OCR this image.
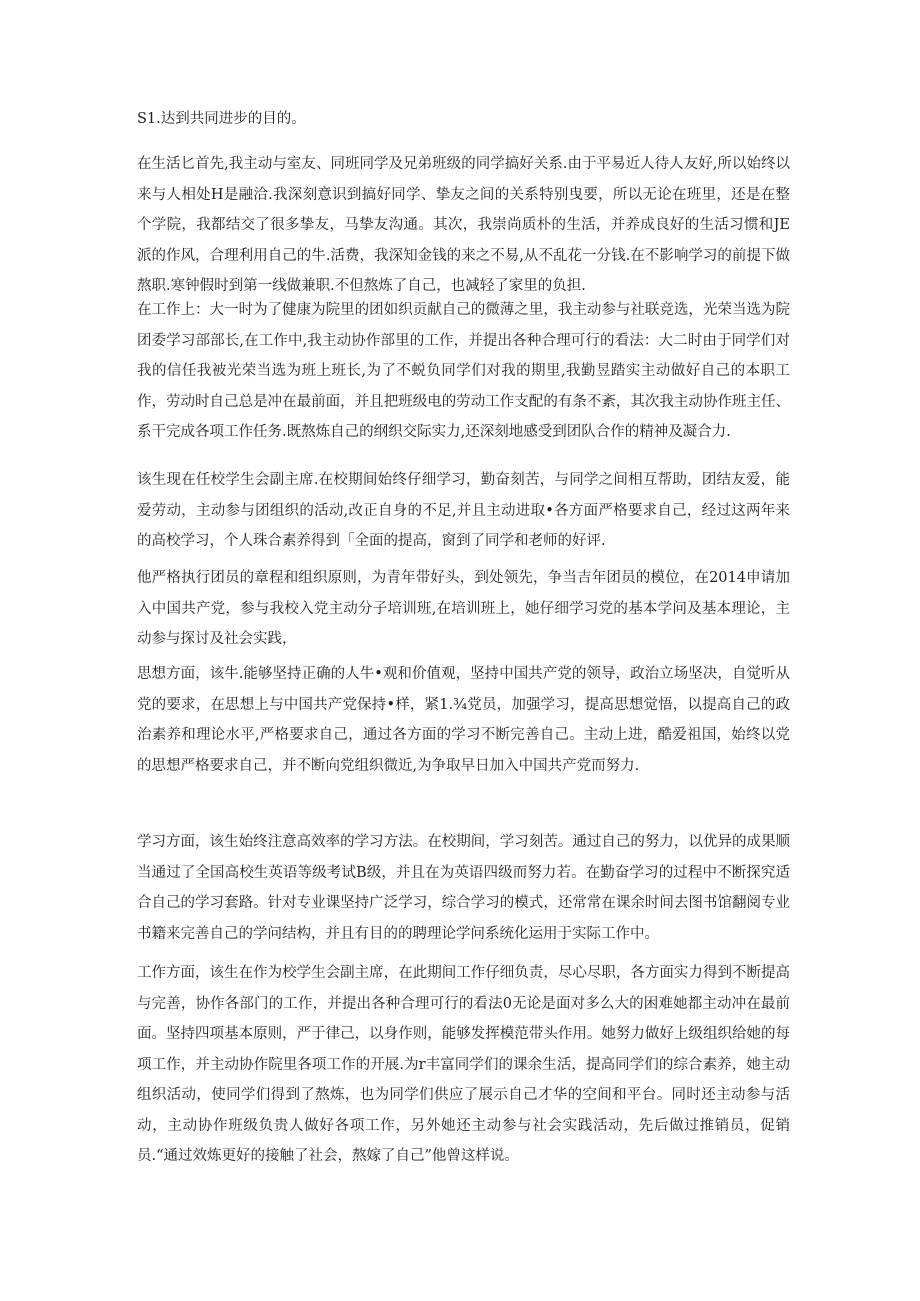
S1.达到共同进步的目的。

在生活匕首先,我主动与室友、同班同学及兄弟班级的同学搞好关系.由于平易近人待人友好,所以始终以来与人相处H是融洽.我深刻意识到搞好同学、挚友之间的关系特别曳要，所以无论在班里，还是在整个学院，我都结交了很多挚友，马挚友沟通。其次，我崇尚质朴的生活，并养成良好的生活习惯和JE派的作风，合理利用自己的牛.活费，我深知金钱的来之不易,从不乱花一分钱.在不影响学习的前提下做熬职.寒钟假时到第一线做兼职.不但熬炼了自己，也减轻了家里的负担.

在工作上：大一时为了健康为院里的团如织贡献自己的微薄之里，我主动参与社联竞选，光荣当选为院团委学习部部长,在工作中,我主动协作部里的工作，并提出各种合理可行的看法：大二时由于同学们对我的信任我被光荣当选为班上班长,为了不蜕负同学们对我的期里,我勤昱踏实主动做好自己的本职工作，劳动时自己总是冲在最前面，并且把班级电的劳动工作支配的有条不紊，其次我主动协作班主任、系干完成各项工作任务.既熬炼自己的纲织交际实力,还深刻地感受到团队合作的精神及凝合力.

该生现在任校学生会副主席.在校期间始终仔细学习，勤奋刻苦，与同学之间相互帮助，团结友爱，能爱劳动，主动参与团组织的活动,改正自身的不足,并且主动进取•各方面严格要求自己，经过这两年来的高校学习，个人珠合素养得到「全面的提高，窗到了同学和老师的好评.

他严格执行团员的章程和组织原则，为青年带好头，到处领先，争当吉年团员的模位，在2014申请加入中国共产党，参与我校入党主动分子培训班,在培训班上，她仔细学习党的基本学问及基本理论，主动参与探讨及社会实践，

思想方面，该牛.能够坚持正确的人牛•观和价值观，坚持中国共产党的领导，政治立场坚决，自觉听从党的要求，在思想上与中国共产党保持•样，紧1.¾党员，加强学习，提高思想觉悟，以提高自己的政治素养和理论水平,严格要求自己，通过各方面的学习不断完善自己。主动上进，酷爱祖国，始终以党的思想严格要求自己，并不断向党组织微近,为争取早日加入中国共产党而努力.

学习方面，该生始终注意高效率的学习方法。在校期间，学习刻苦。通过自己的努力，以优异的成果顺当通过了全国高校生英语等级考试B级，并且在为英语四级而努力若。在勤奋学习的过程中不断探究适合自己的学习套路。针对专业课坚持广泛学习，综合学习的模式，还常常在课余时间去图书馆翻阅专业书籍来完善自己的学问结构，并且有目的的聘理论学问系统化运用于实际工作中。

工作方面，该生在作为校学生会副主席，在此期间工作仔细负责，尽心尽职，各方面实力得到不断提高与完善，协作各部门的工作，并提出各种合理可行的看法0无论是面对多么大的困难她都主动冲在最前面。坚持四项基本原则，严于律己，以身作则，能够发挥模范带头作用。她努力做好上级组织给她的每项工作，并主动协作院里各项工作的开展.为r丰富同学们的课余生活，提高同学们的综合素养，她主动组织活动，使同学们得到了熬炼，也为同学们供应了展示自己才华的空间和平台。同时还主动参与活动，主动协作班级负贵人做好各项工作，另外她还主动参与社会实践活动，先后做过推销员，促销员.“通过效炼更好的接触了社会，熬嫁了自己”他曾这样说。
